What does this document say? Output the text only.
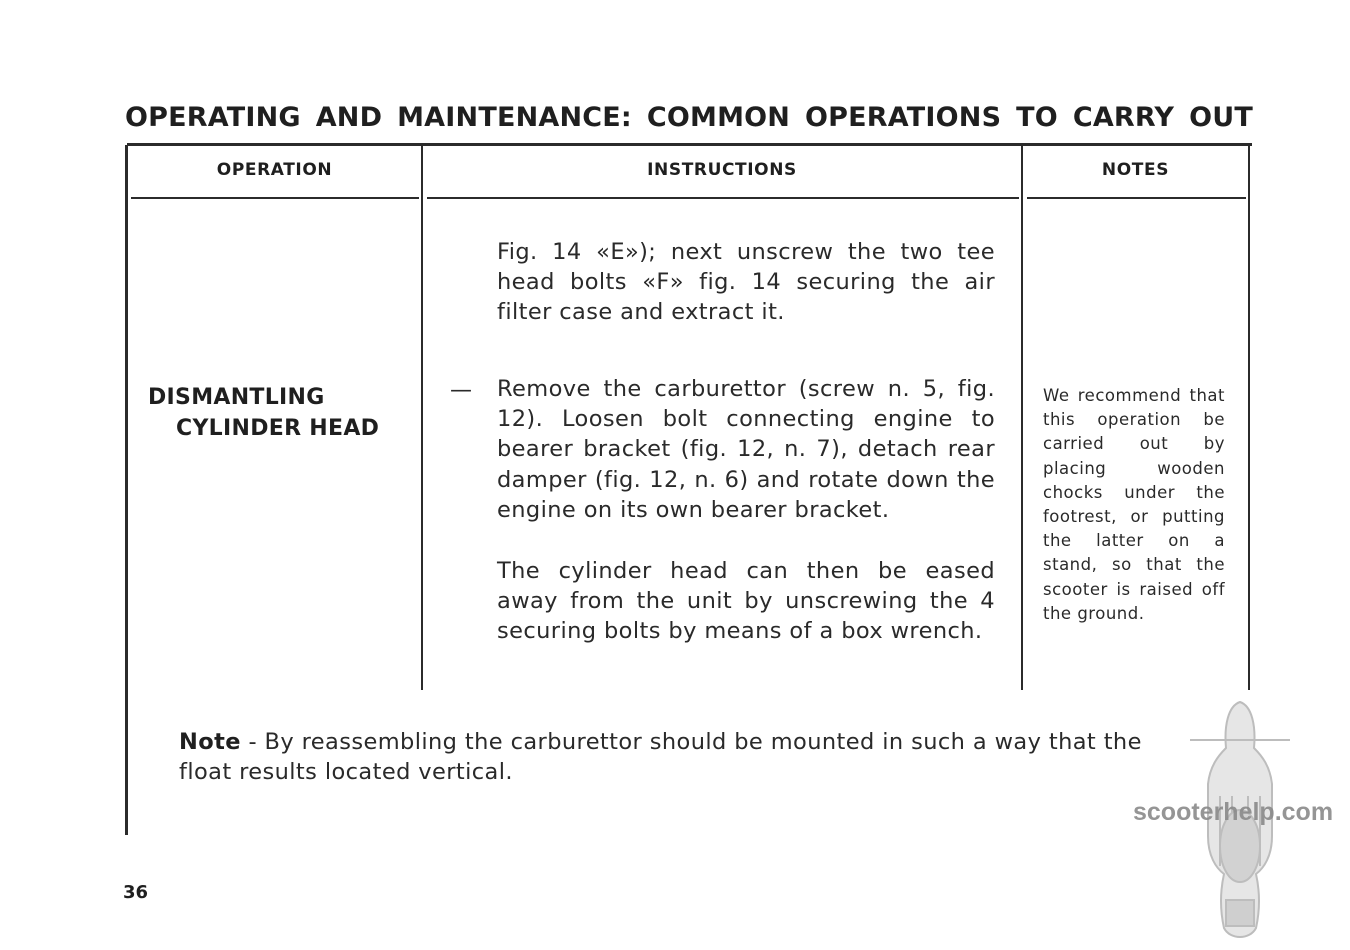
OPERATING AND MAINTENANCE: COMMON OPERATIONS TO CARRY OUT
OPERATION	INSTRUCTIONS	NOTES
DISMANTLING
CYLINDER HEAD
Fig. 14 «E»); next unscrew the two tee head bolts «F» fig. 14 securing the air filter case and extract it.
— Remove the carburettor (screw n. 5, fig. 12). Loosen bolt connecting engine to bearer bracket (fig. 12, n. 7), detach rear damper (fig. 12, n. 6) and rotate down the engine on its own bearer bracket.
The cylinder head can then be eased away from the unit by unscrewing the 4 securing bolts by means of a box wrench.
We recommend that this operation be carried out by placing wooden chocks under the footrest, or putting the latter on a stand, so that the scooter is raised off the ground.
Note - By reassembling the carburettor should be mounted in such a way that the float results located vertical.
36
scooterhelp.com
